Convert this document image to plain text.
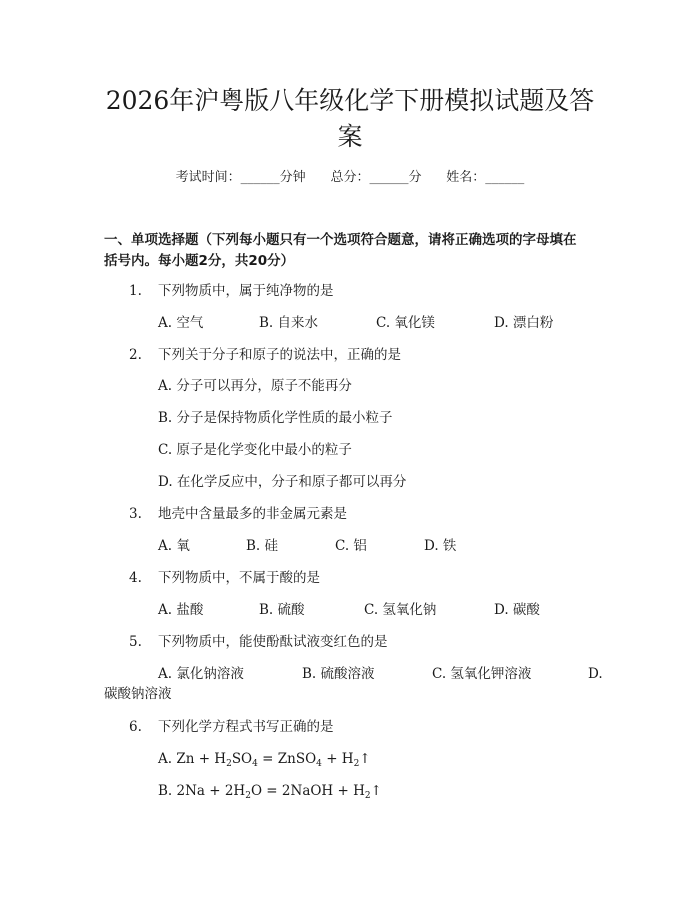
2026年沪粤版八年级化学下册模拟试题及答
案
考试时间：______分钟 总分：______分 姓名：______

一、单项选择题（下列每小题只有一个选项符合题意，请将正确选项的字母填在

括号内。每小题2分，共20分）

1. 下列物质中，属于纯净物的是
A. 空气	B. 自来水	C. 氧化镁	D. 漂白粉
2. 下列关于分子和原子的说法中，正确的是
A. 分子可以再分，原子不能再分
B. 分子是保持物质化学性质的最小粒子
C. 原子是化学变化中最小的粒子
D. 在化学反应中，分子和原子都可以再分
3. 地壳中含量最多的非金属元素是
A. 氧	B. 硅	C. 铝	D. 铁
4. 下列物质中，不属于酸的是
A. 盐酸	B. 硫酸	C. 氢氧化钠	D. 碳酸
5. 下列物质中，能使酚酞试液变红色的是
A. 氯化钠溶液	B. 硫酸溶液	C. 氢氧化钾溶液	D.
碳酸钠溶液
6. 下列化学方程式书写正确的是
A. $Zn + H_2SO_4$ = ZnSO$_4$ + $H_2↑$
B. $2Na + 2H_2O$ = 2NaOH + $H_2↑$
